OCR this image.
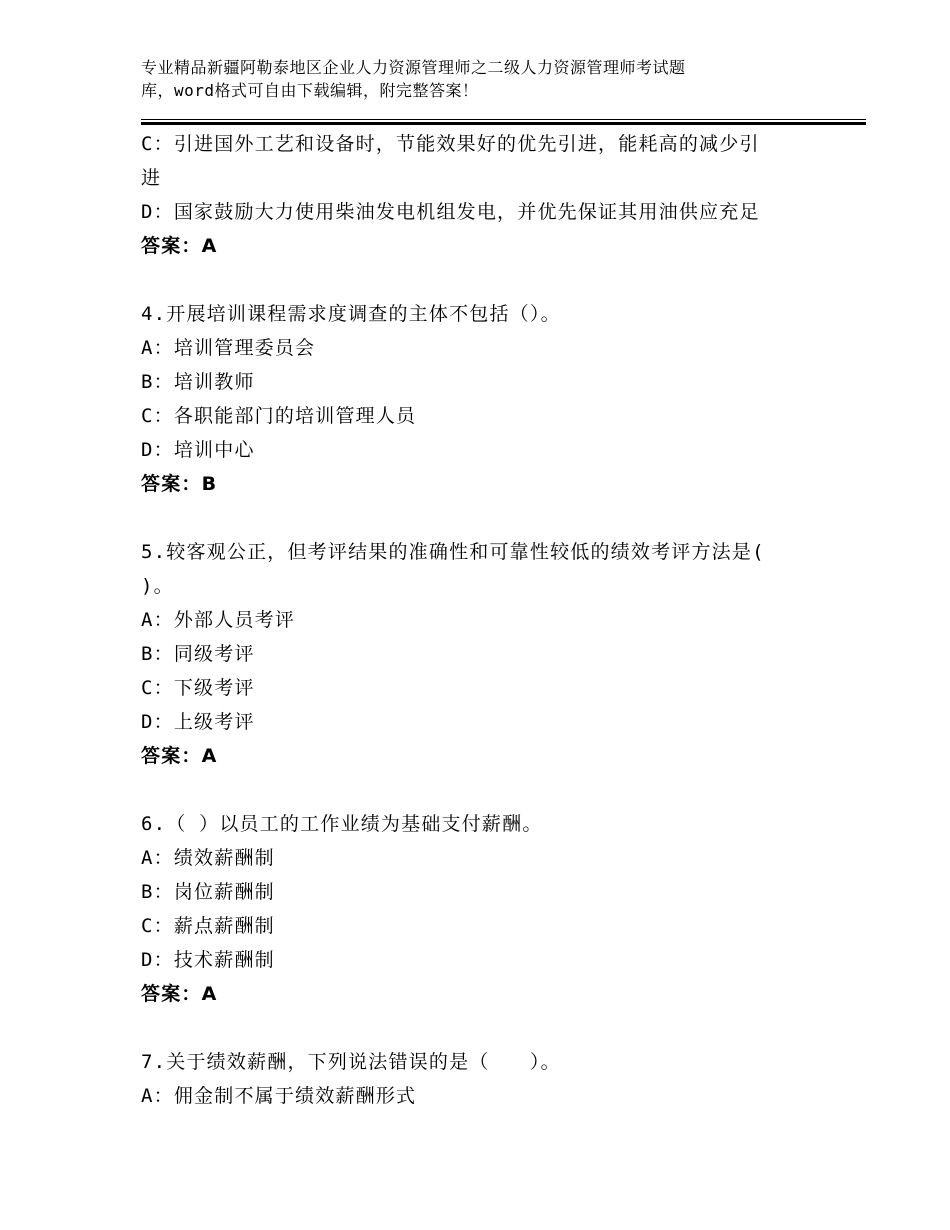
专业精品新疆阿勒泰地区企业人力资源管理师之二级人力资源管理师考试题
库，word格式可自由下载编辑，附完整答案！
C：引进国外工艺和设备时，节能效果好的优先引进，能耗高的减少引
进
D：国家鼓励大力使用柴油发电机组发电，并优先保证其用油供应充足
答案：A
4.开展培训课程需求度调查的主体不包括（）。
A：培训管理委员会
B：培训教师
C：各职能部门的培训管理人员
D：培训中心
答案：B
5.较客观公正，但考评结果的准确性和可靠性较低的绩效考评方法是(
)。
A：外部人员考评
B：同级考评
C：下级考评
D：上级考评
答案：A
6.（ ）以员工的工作业绩为基础支付薪酬。
A：绩效薪酬制
B：岗位薪酬制
C：薪点薪酬制
D：技术薪酬制
答案：A
7.关于绩效薪酬，下列说法错误的是（　　）。
A：佣金制不属于绩效薪酬形式
